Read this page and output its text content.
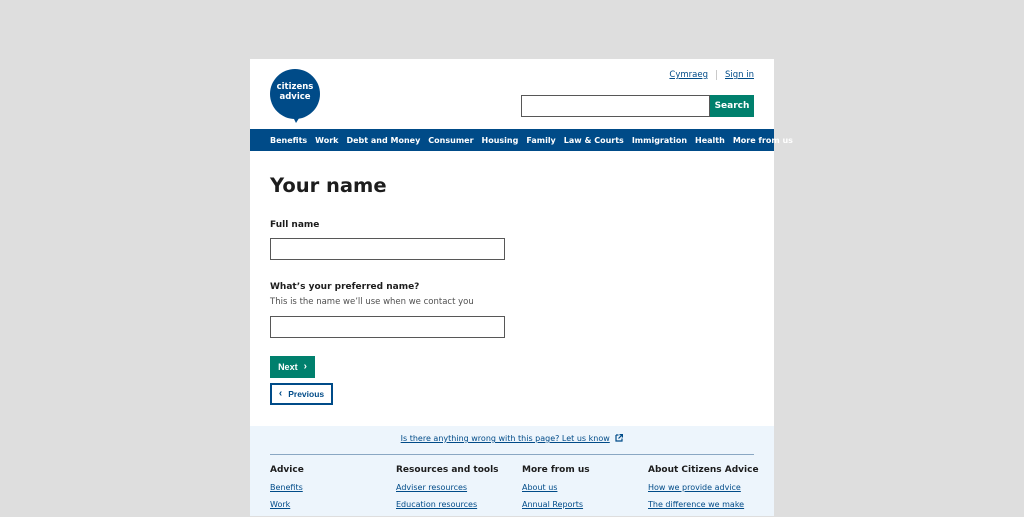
citizens
advice
Cymraeg Sign in
Search
Benefits Work Debt and Money Consumer Housing Family Law & Courts Immigration Health More from us
Your name
Full name
What’s your preferred name?
This is the name we’ll use when we contact you
Next ›
‹ Previous
Is there anything wrong with this page? Let us know
Advice
Benefits
Work
Resources and tools
Adviser resources
Education resources
More from us
About us
Annual Reports
About Citizens Advice
How we provide advice
The difference we make
